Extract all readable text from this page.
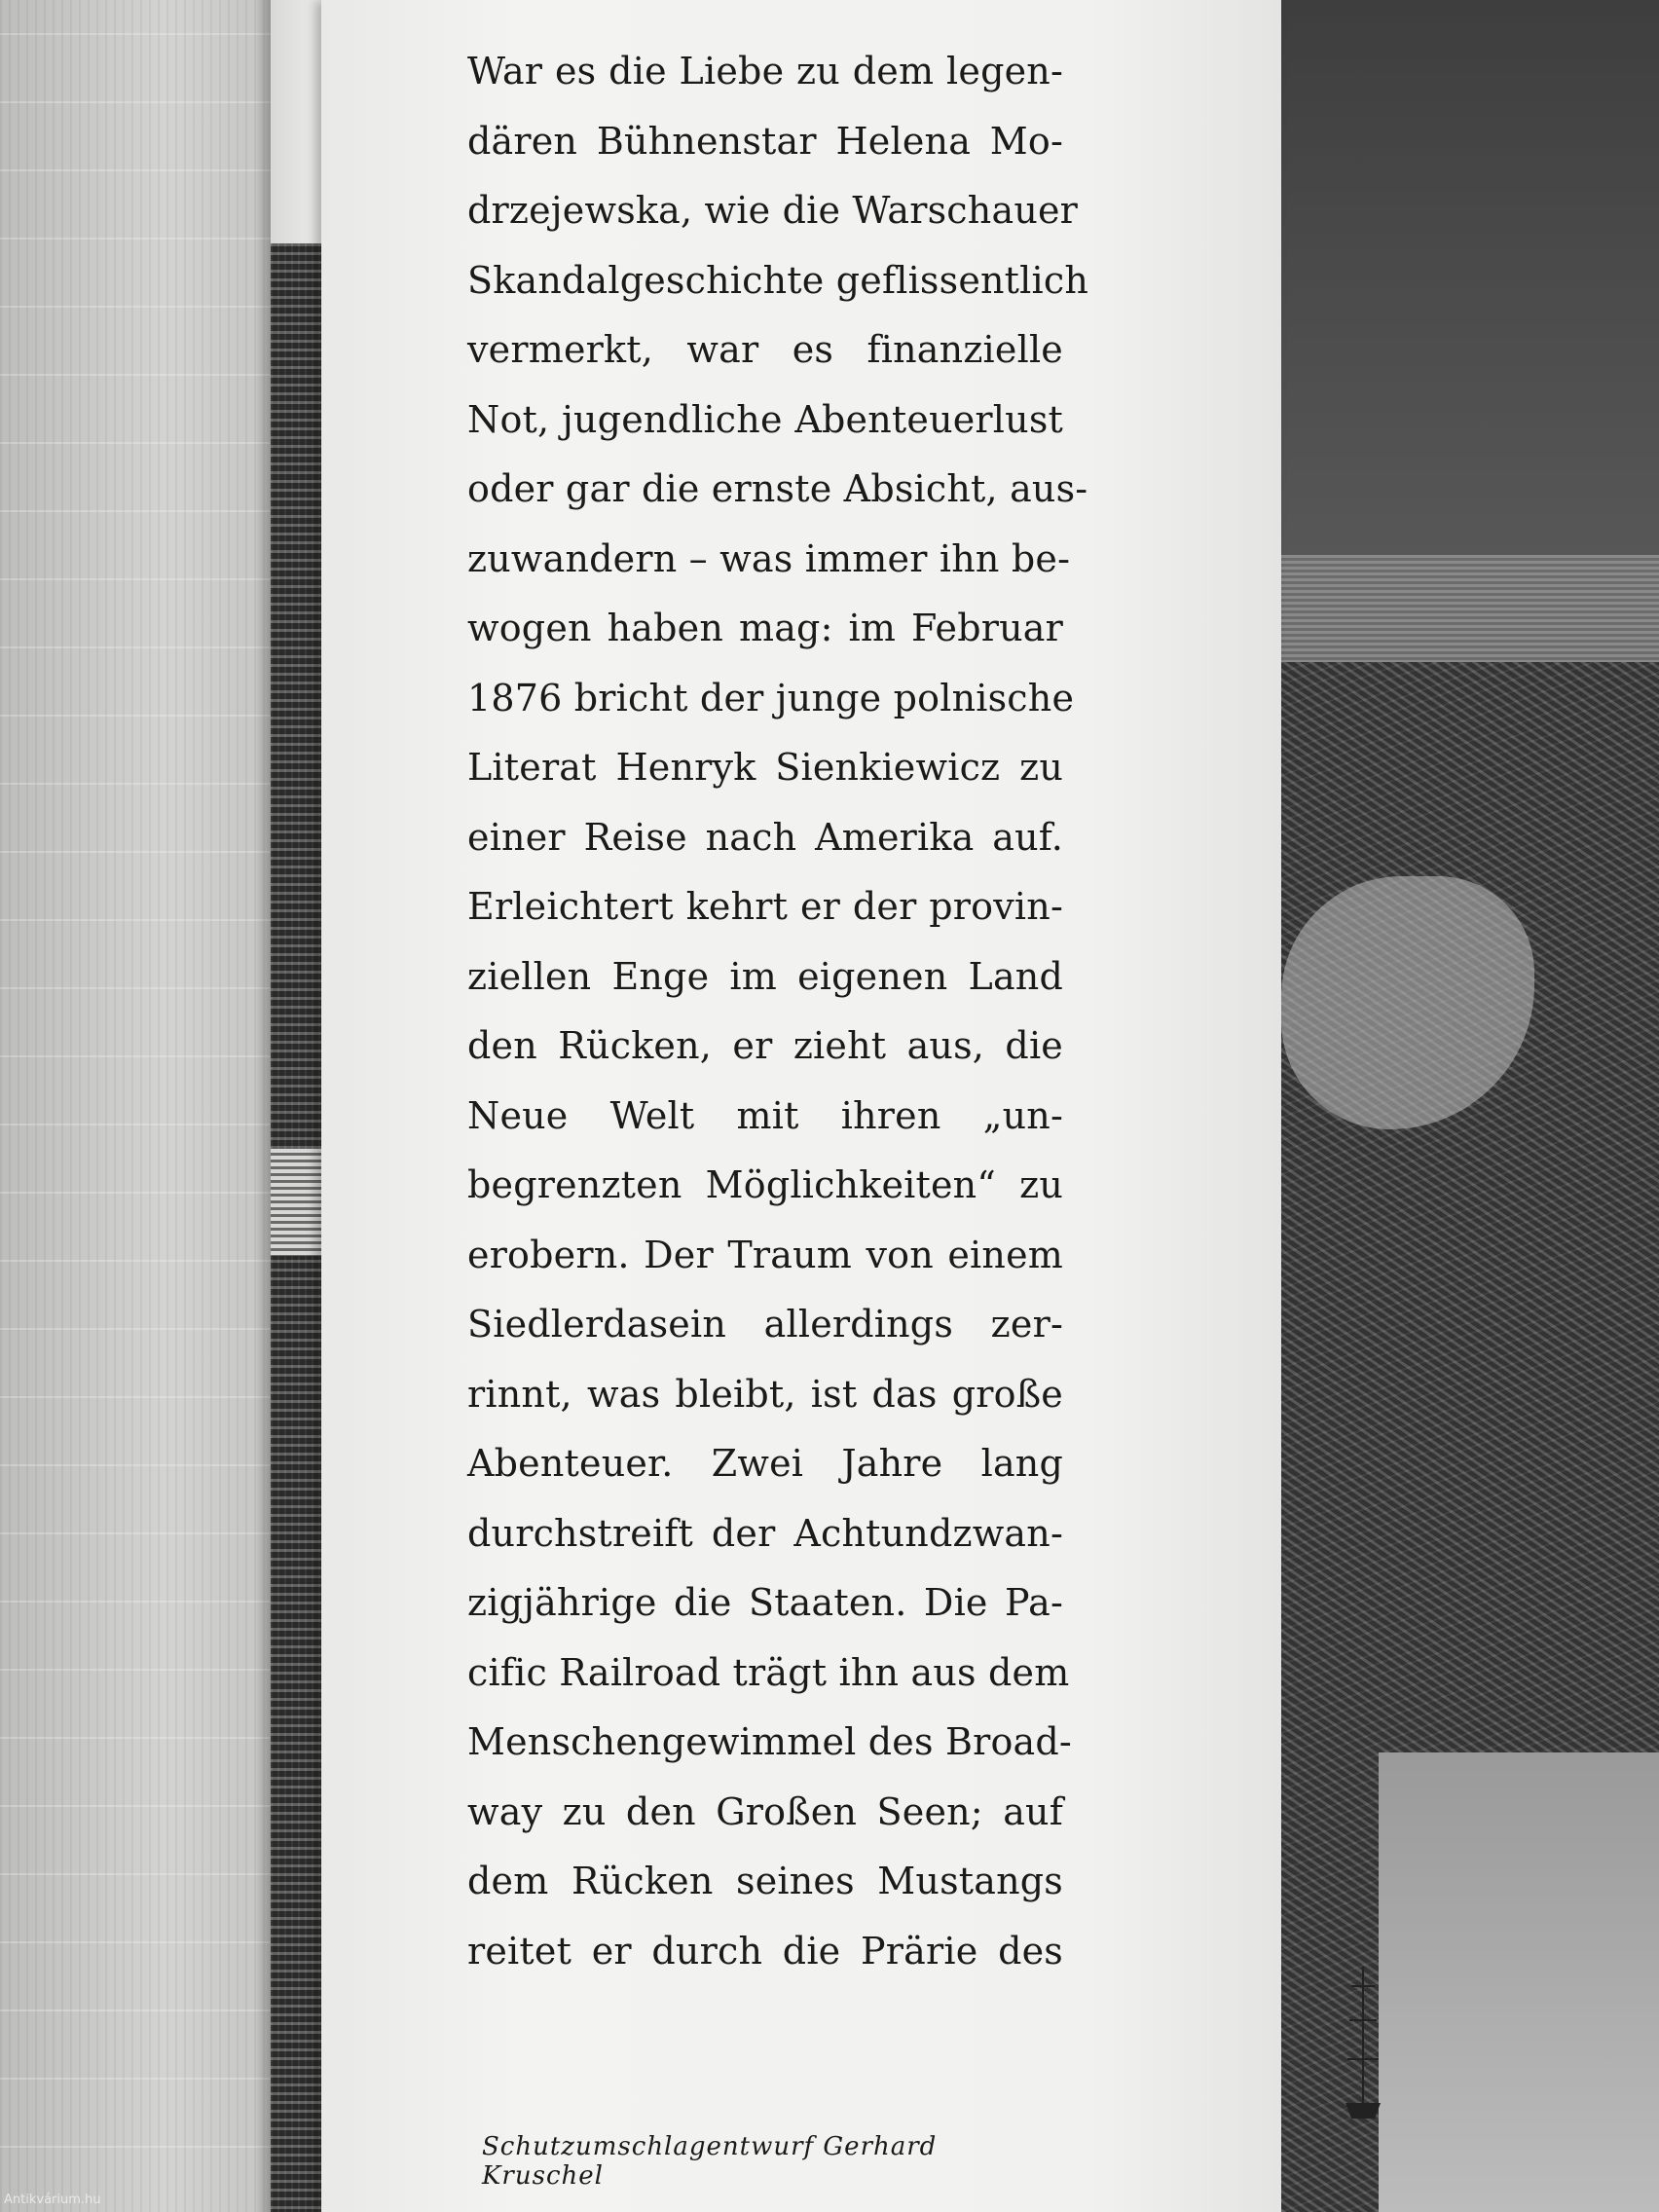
War es die Liebe zu dem legen-
dären Bühnenstar Helena Mo-
drzejewska, wie die Warschauer
Skandalgeschichte geflissentlich
vermerkt, war es finanzielle
Not, jugendliche Abenteuerlust
oder gar die ernste Absicht, aus-
zuwandern – was immer ihn be-
wogen haben mag: im Februar
1876 bricht der junge polnische
Literat Henryk Sienkiewicz zu
einer Reise nach Amerika auf.
Erleichtert kehrt er der provin-
ziellen Enge im eigenen Land
den Rücken, er zieht aus, die
Neue Welt mit ihren „un-
begrenzten Möglichkeiten“ zu
erobern. Der Traum von einem
Siedlerdasein allerdings zer-
rinnt, was bleibt, ist das große
Abenteuer. Zwei Jahre lang
durchstreift der Achtundzwan-
zigjährige die Staaten. Die Pa-
cific Railroad trägt ihn aus dem
Menschengewimmel des Broad-
way zu den Großen Seen; auf
dem Rücken seines Mustangs
reitet er durch die Prärie des
Schutzumschlagentwurf Gerhard Kruschel
Antikvárium.hu
